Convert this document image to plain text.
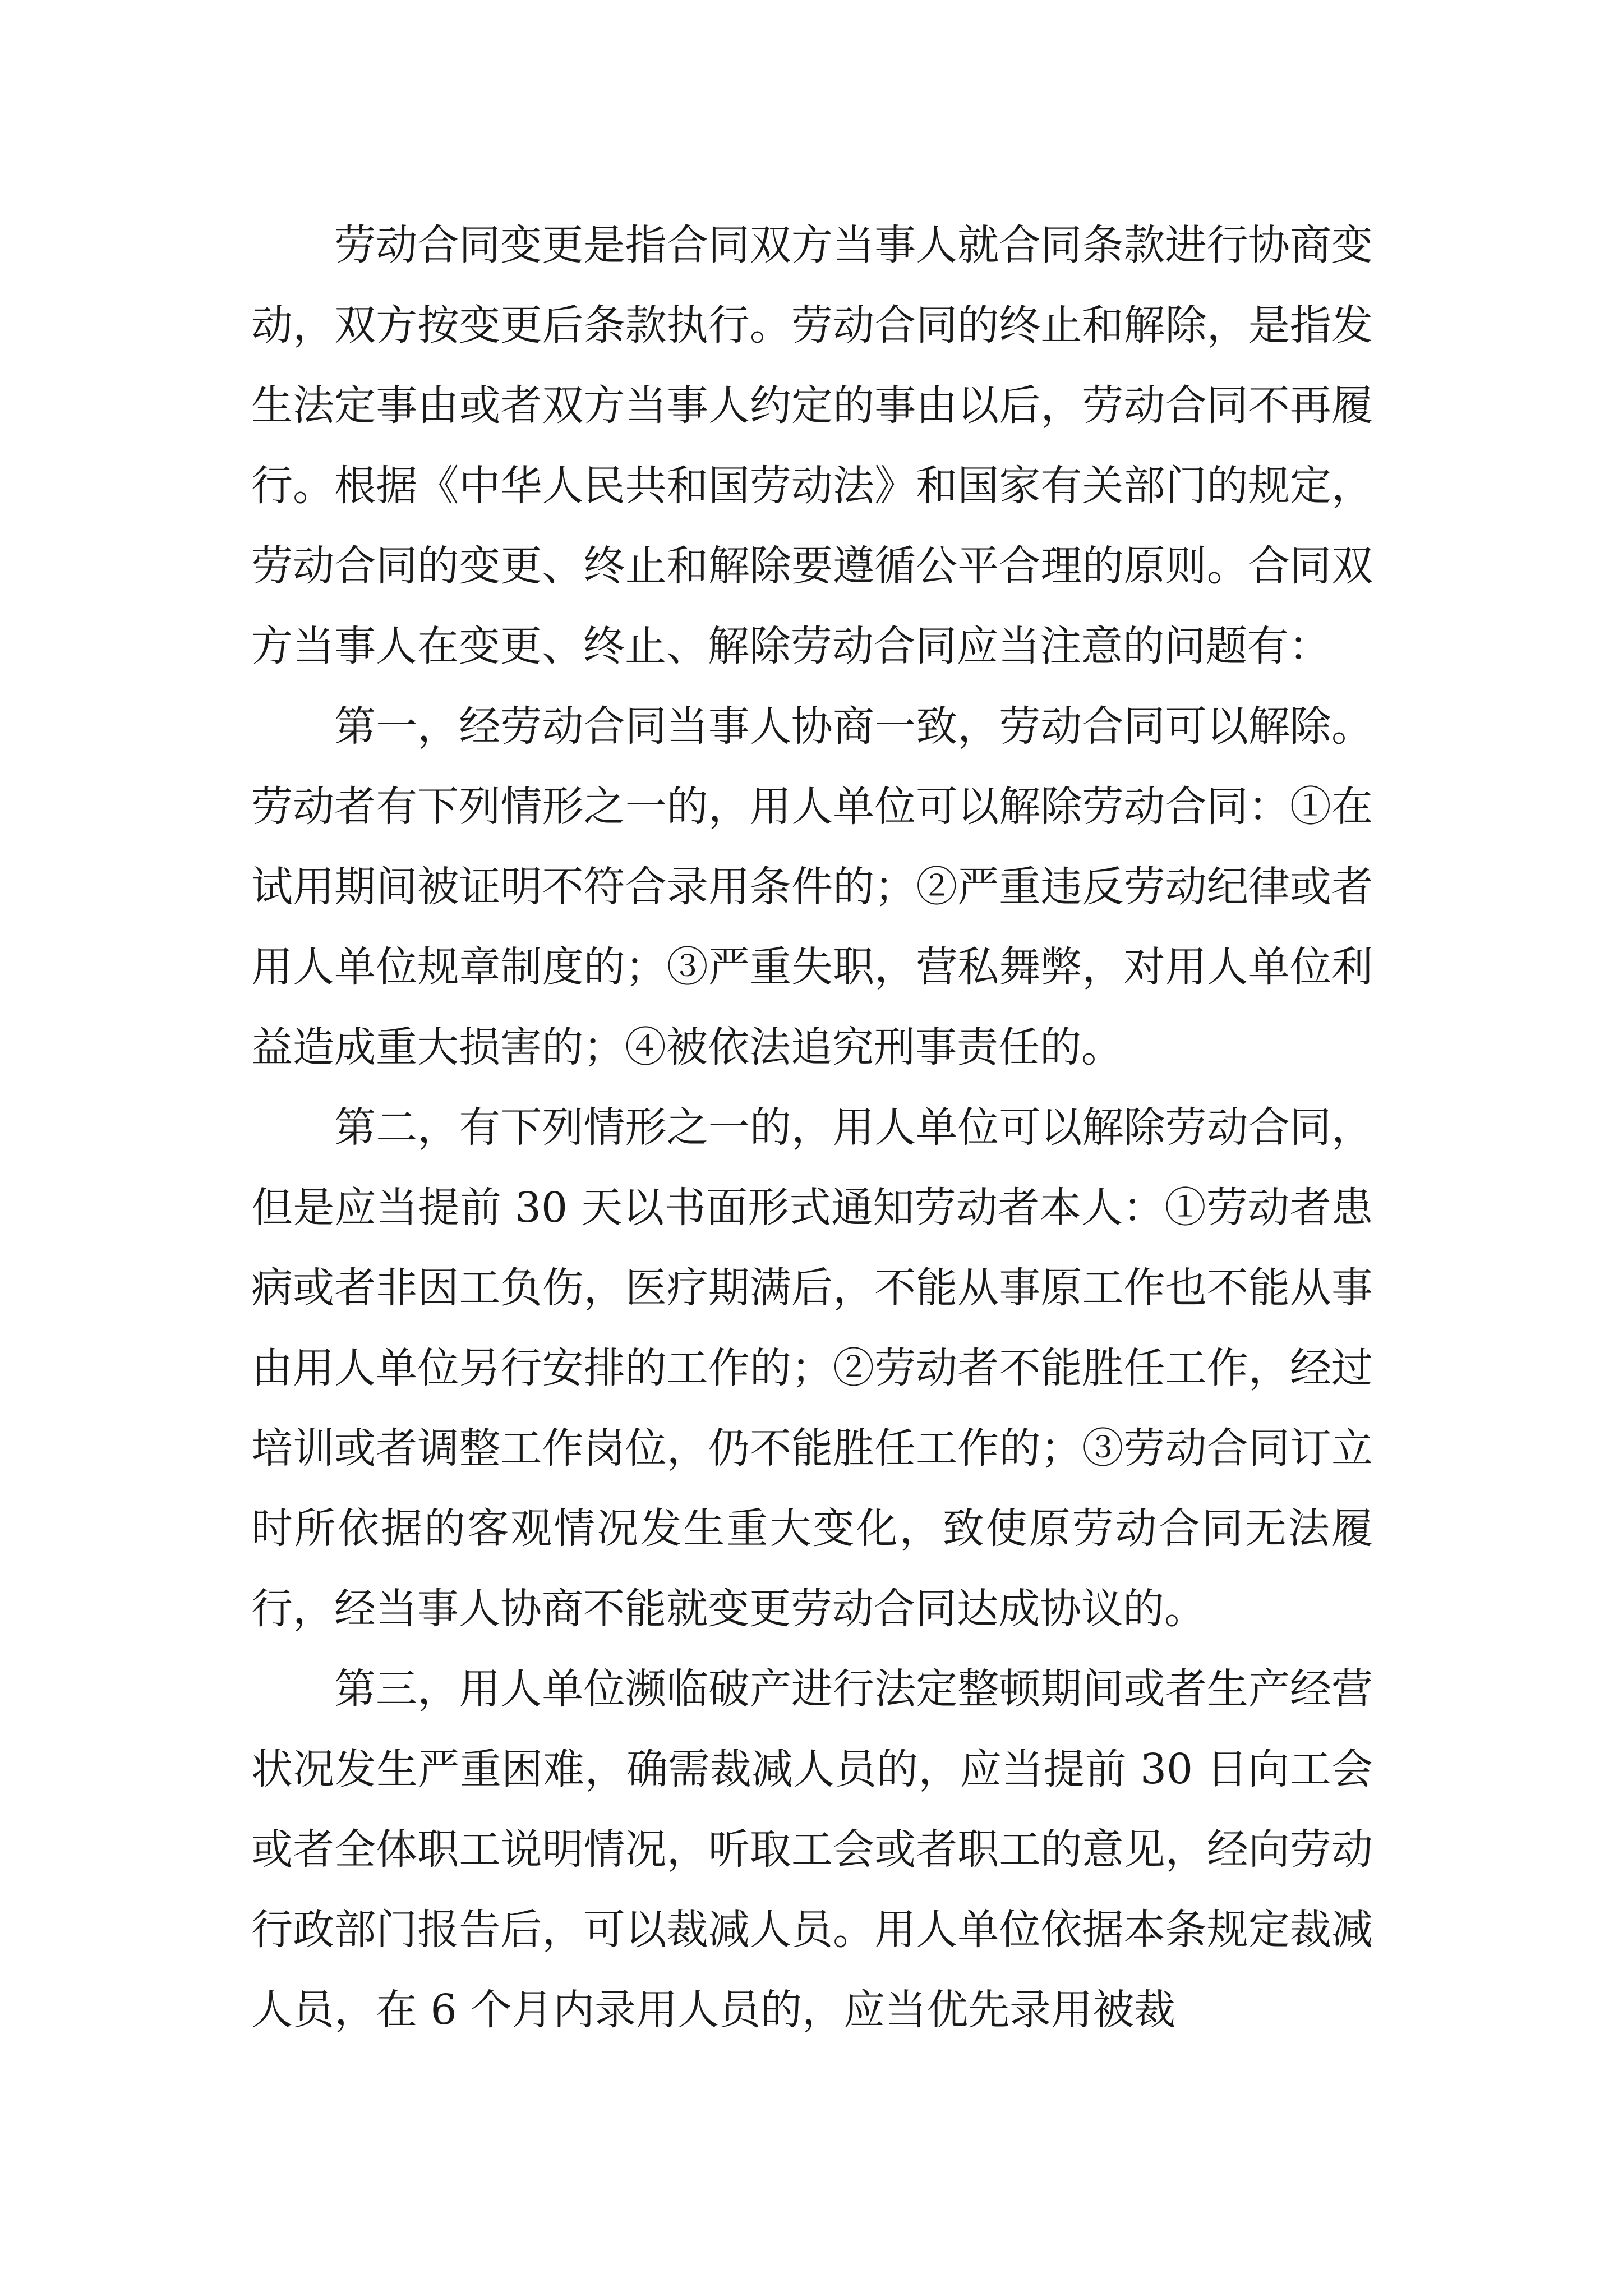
劳动合同变更是指合同双方当事人就合同条款进行协商变动，双方按变更后条款执行。劳动合同的终止和解除，是指发生法定事由或者双方当事人约定的事由以后，劳动合同不再履行。根据《中华人民共和国劳动法》和国家有关部门的规定，劳动合同的变更、终止和解除要遵循公平合理的原则。合同双方当事人在变更、终止、解除劳动合同应当注意的问题有：

第一，经劳动合同当事人协商一致，劳动合同可以解除。劳动者有下列情形之一的，用人单位可以解除劳动合同：①在试用期间被证明不符合录用条件的；②严重违反劳动纪律或者用人单位规章制度的；③严重失职，营私舞弊，对用人单位利益造成重大损害的；④被依法追究刑事责任的。

第二，有下列情形之一的，用人单位可以解除劳动合同，但是应当提前 30 天以书面形式通知劳动者本人：①劳动者患病或者非因工负伤，医疗期满后，不能从事原工作也不能从事由用人单位另行安排的工作的；②劳动者不能胜任工作，经过培训或者调整工作岗位，仍不能胜任工作的；③劳动合同订立时所依据的客观情况发生重大变化，致使原劳动合同无法履行，经当事人协商不能就变更劳动合同达成协议的。

第三，用人单位濒临破产进行法定整顿期间或者生产经营状况发生严重困难，确需裁减人员的，应当提前 30 日向工会或者全体职工说明情况，听取工会或者职工的意见，经向劳动行政部门报告后，可以裁减人员。用人单位依据本条规定裁减人员，在 6 个月内录用人员的，应当优先录用被裁
